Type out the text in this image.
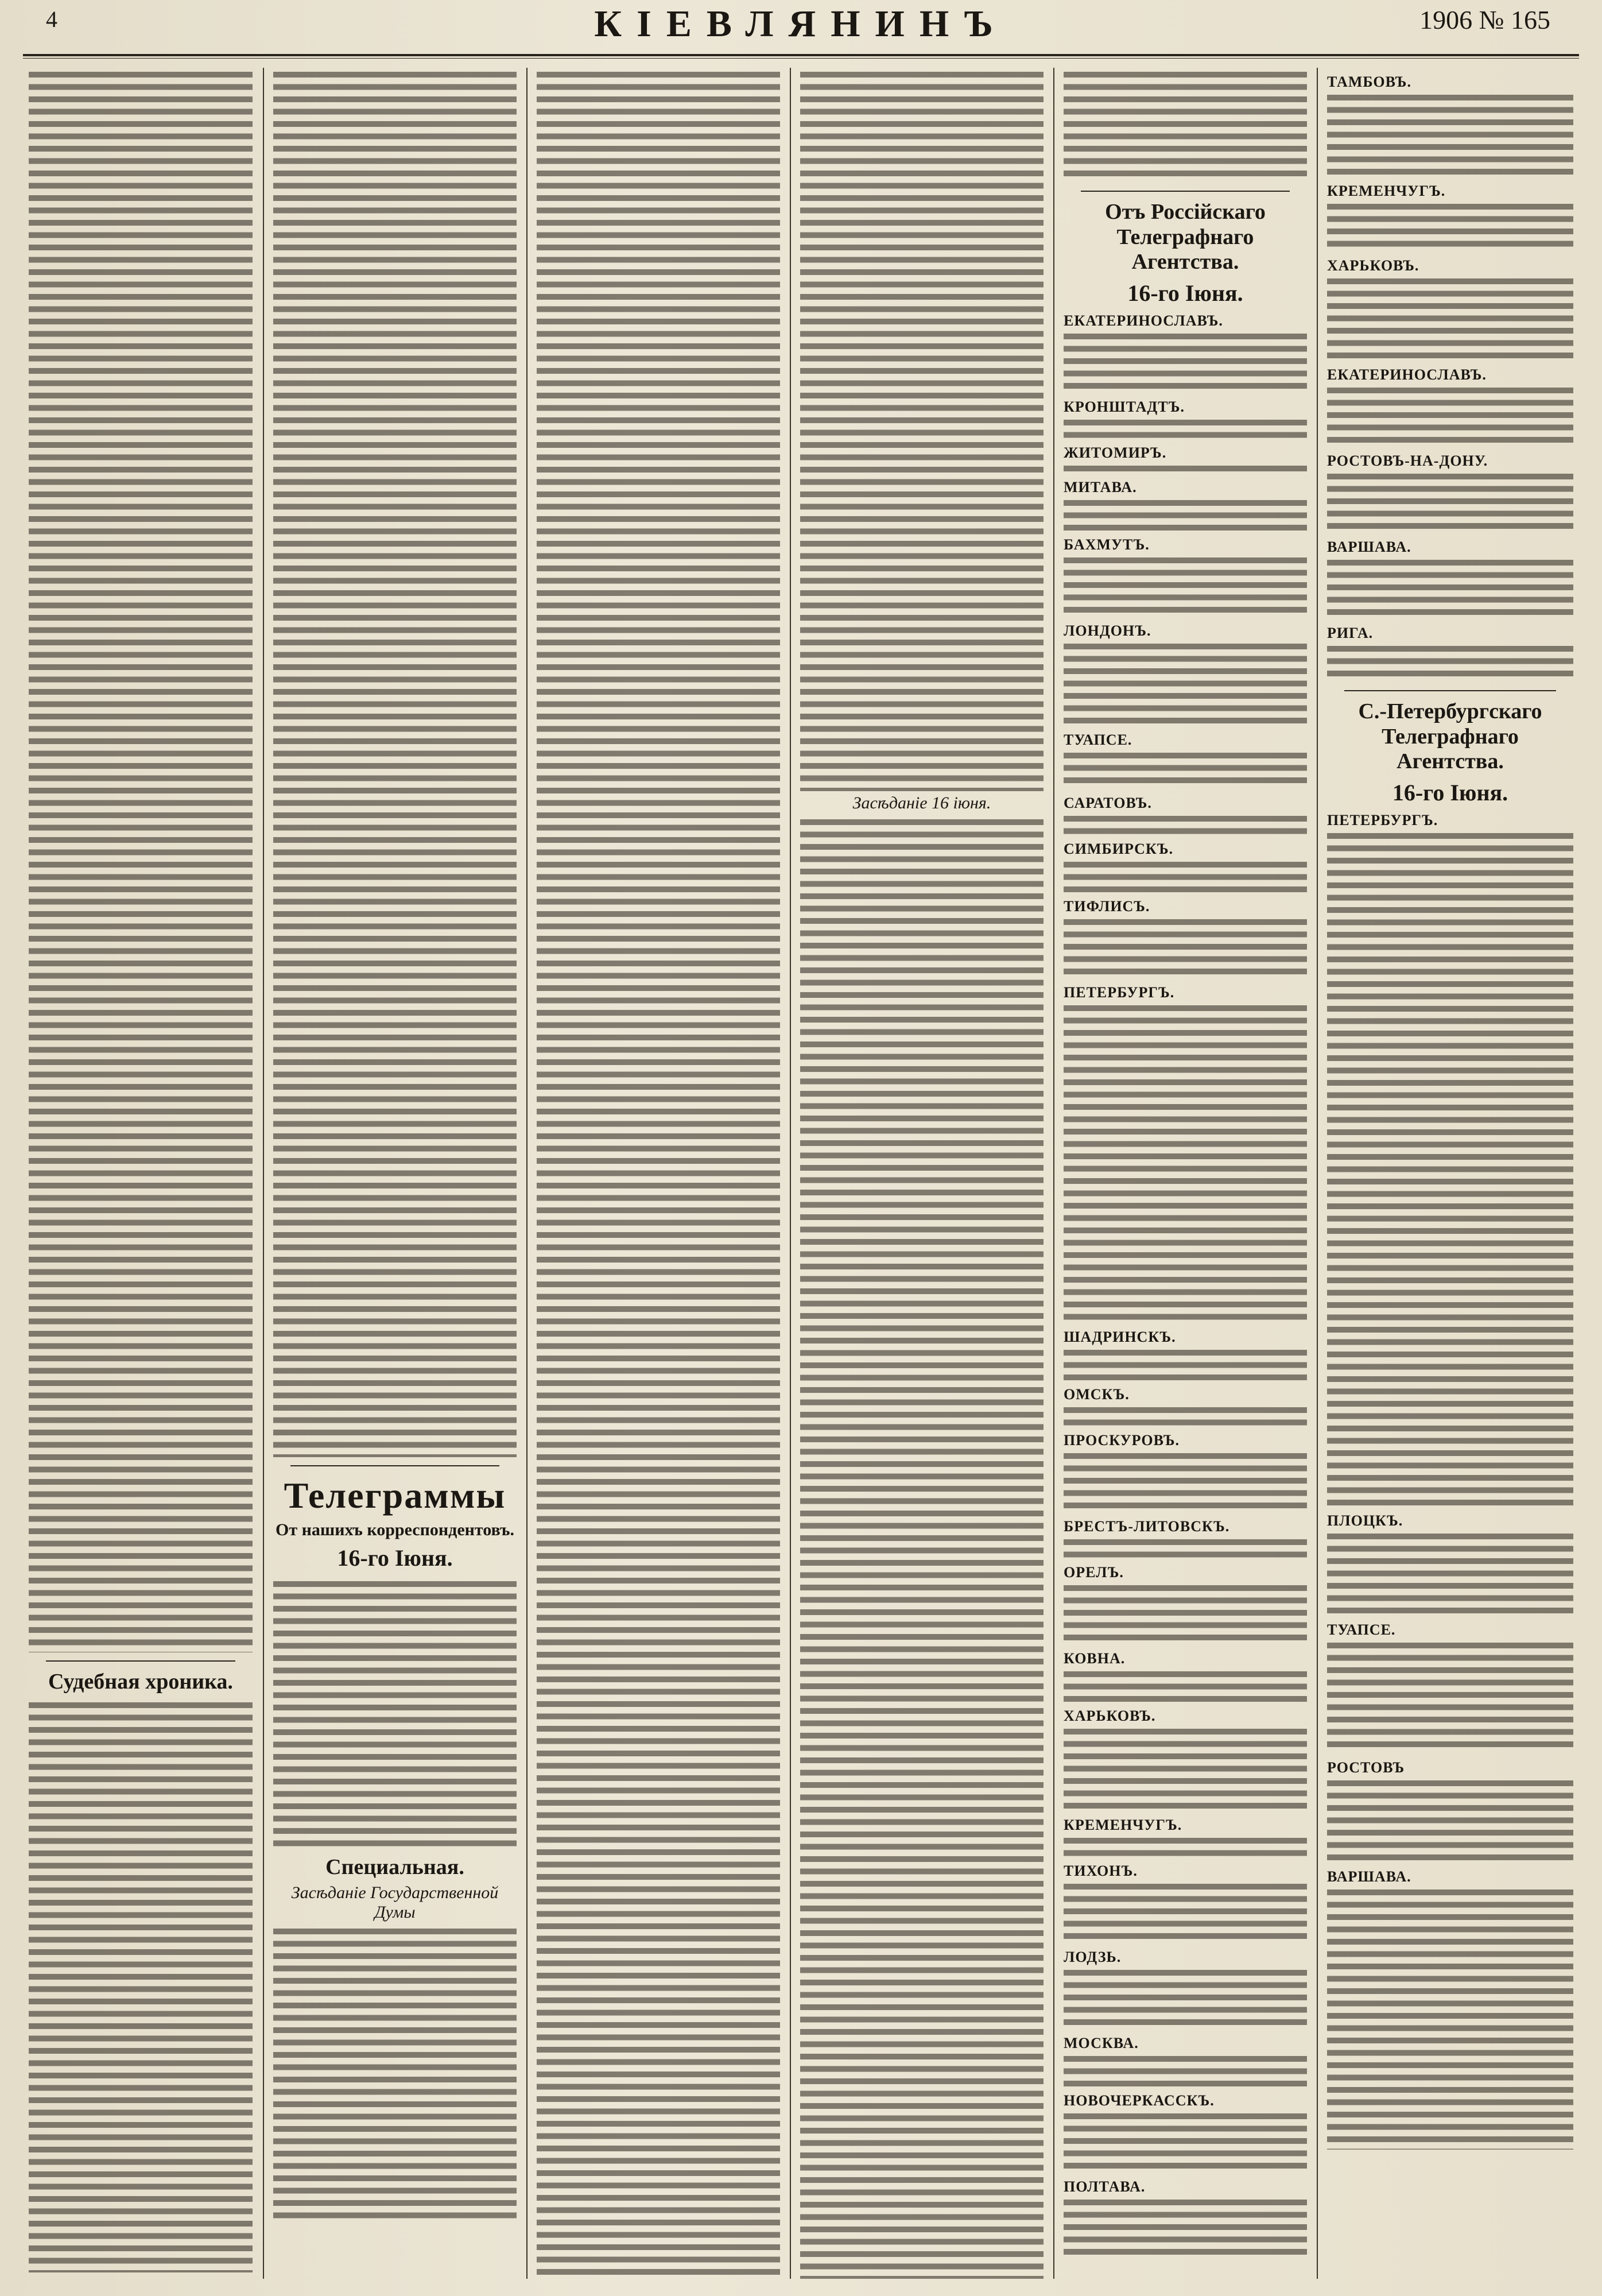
4	КІЕВЛЯНИНЪ	1906 № 165
Судебная хроника.
Телеграммы
От нашихъ корреспондентовъ.
16-го Іюня.
Специальная.
Засѣданіе Государственной Думы
Засѣданіе 16 іюня.
Отъ Россійскаго Телеграфнаго Агентства.
16-го Іюня.
ЕКАТЕРИНОСЛАВЪ.
КРОНШТАДТЪ.
ЖИТОМИРЪ.
МИТАВА.
БАХМУТЪ.
ЛОНДОНЪ.
ТУАПСЕ.
САРАТОВЪ.
СИМБИРСКЪ.
ТИФЛИСЪ.
ПЕТЕРБУРГЪ.
ШАДРИНСКЪ.
ОМСКЪ.
ПРОСКУРОВЪ.
БРЕСТЪ-ЛИТОВСКЪ.
ОРЕЛЪ.
КОВНА.
ХАРЬКОВЪ.
КРЕМЕНЧУГЪ.
ТИХОНЪ.
ЛОДЗЬ.
МОСКВА.
НОВОЧЕРКАССКЪ.
ПОЛТАВА.
ТАМБОВЪ.
КРЕМЕНЧУГЪ.
ХАРЬКОВЪ.
ЕКАТЕРИНОСЛАВЪ.
РОСТОВЪ-НА-ДОНУ.
ВАРШАВА.
РИГА.
С.-Петербургскаго Телеграфнаго Агентства.
16-го Іюня.
ПЕТЕРБУРГЪ.
ПЛОЦКЪ.
ТУАПСЕ.
РОСТОВЪ
ВАРШАВА.
